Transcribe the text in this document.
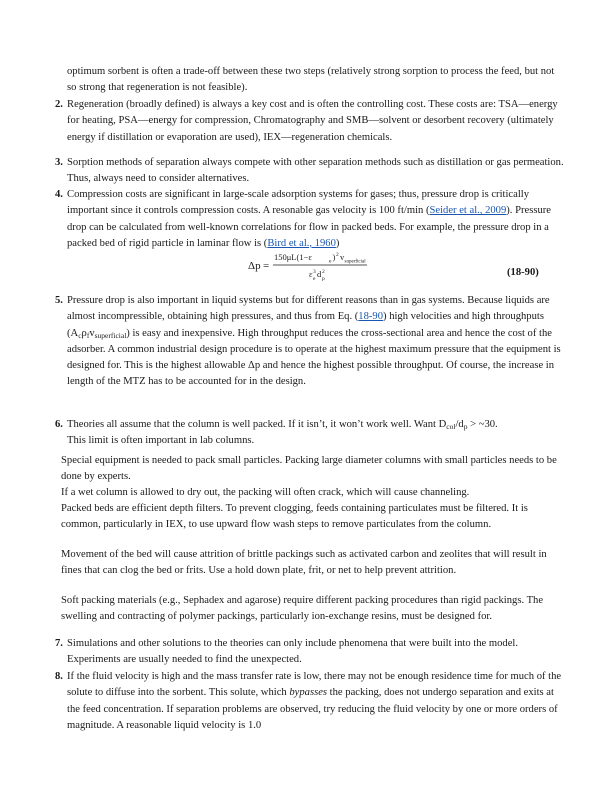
optimum sorbent is often a trade-off between these two steps (relatively strong sorption to process the feed, but not so strong that regeneration is not feasible).
2. Regeneration (broadly defined) is always a key cost and is often the controlling cost. These costs are: TSA—energy for heating, PSA—energy for compression, Chromatography and SMB—solvent or desorbent recovery (ultimately energy if distillation or evaporation are used), IEX—regeneration chemicals.
3. Sorption methods of separation always compete with other separation methods such as distillation or gas permeation. Thus, always need to consider alternatives.
4. Compression costs are significant in large-scale adsorption systems for gases; thus, pressure drop is critically important since it controls compression costs. A resonable gas velocity is 100 ft/min (Seider et al., 2009). Pressure drop can be calculated from well-known correlations for flow in packed beds. For example, the pressure drop in a packed bed of rigid particle in laminar flow is (Bird et al., 1960)
Δp =
150μL(1−ε	e ) 2 v superficial
ε 3
e d 2
p
(18-90)
5. Pressure drop is also important in liquid systems but for different reasons than in gas systems. Because liquids are almost incompressible, obtaining high pressures, and thus from Eq. (18-90) high velocities and high throughputs $(A_c\rho_fv_{superficial})$ is easy and inexpensive. High throughput reduces the cross-sectional area and hence the cost of the adsorber. A common industrial design procedure is to operate at the highest maximum pressure that the equipment is designed for. This is the highest allowable Δp and hence the highest possible throughput. Of course, the increase in length of the MTZ has to be accounted for in the design.
6. Theories all assume that the column is well packed. If it isn’t, it won’t work well. Want $D_{col}/d_p$ > ~30.
This limit is often important in lab columns.
Special equipment is needed to pack small particles. Packing large diameter columns with small particles needs to be done by experts.
If a wet column is allowed to dry out, the packing will often crack, which will cause channeling.
Packed beds are efficient depth filters. To prevent clogging, feeds containing particulates must be filtered. It is common, particularly in IEX, to use upward flow wash steps to remove particulates from the column.
Movement of the bed will cause attrition of brittle packings such as activated carbon and zeolites that will result in fines that can clog the bed or frits. Use a hold down plate, frit, or net to help prevent attrition.
Soft packing materials (e.g., Sephadex and agarose) require different packing procedures than rigid packings. The swelling and contracting of polymer packings, particularly ion-exchange resins, must be designed for.
7. Simulations and other solutions to the theories can only include phenomena that were built into the model. Experiments are usually needed to find the unexpected.
8. If the fluid velocity is high and the mass transfer rate is low, there may not be enough residence time for much of the solute to diffuse into the sorbent. This solute, which bypasses the packing, does not undergo separation and exits at the feed concentration. If separation problems are observed, try reducing the fluid velocity by one or more orders of magnitude. A reasonable liquid velocity is 1.0
